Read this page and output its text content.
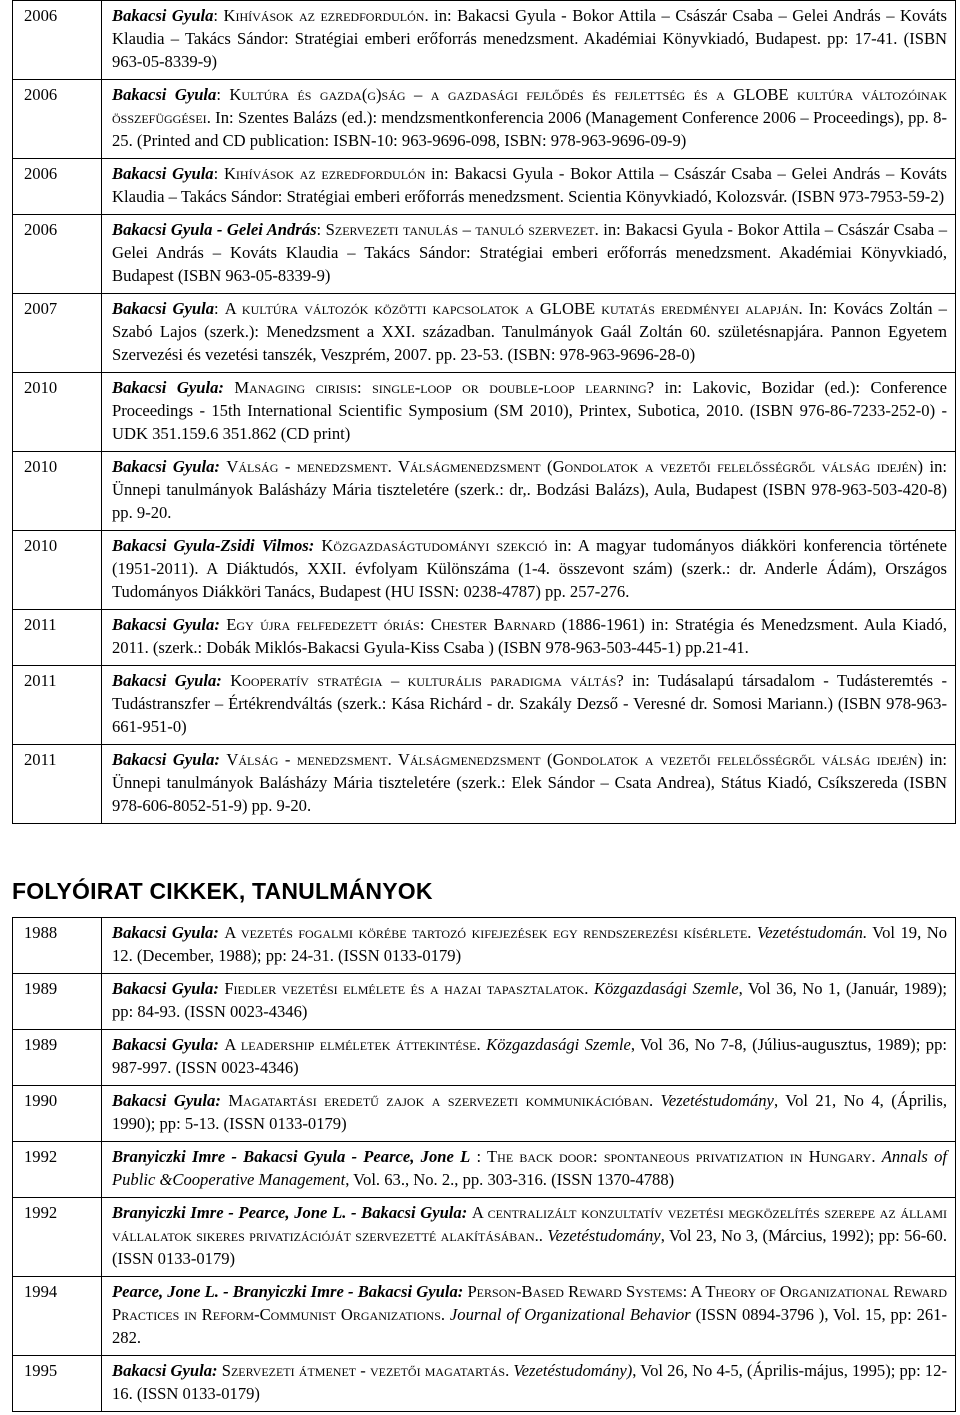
2006	Bakacsi Gyula: Kihívások az ezredfordulón. in: Bakacsi Gyula - Bokor Attila – Császár Csaba – Gelei András – Kováts Klaudia – Takács Sándor: Stratégiai emberi erőforrás menedzsment. Akadémiai Könyvkiadó, Budapest. pp: 17-41. (ISBN 963-05-8339-9)
2006	Bakacsi Gyula: Kultúra és gazda(g)ság – a gazdasági fejlődés és fejlettség és a GLOBE kultúra változóinak összefüggései. In: Szentes Balázs (ed.): mendzsmentkonferencia 2006 (Management Conference 2006 – Proceedings), pp. 8-25. (Printed and CD publication: ISBN-10: 963-9696-098, ISBN: 978-963-9696-09-9)
2006	Bakacsi Gyula: Kihívások az ezredfordulón in: Bakacsi Gyula - Bokor Attila – Császár Csaba – Gelei András – Kováts Klaudia – Takács Sándor: Stratégiai emberi erőforrás menedzsment. Scientia Könyvkiadó, Kolozsvár. (ISBN 973-7953-59-2)
2006	Bakacsi Gyula - Gelei András: Szervezeti tanulás – tanuló szervezet. in: Bakacsi Gyula - Bokor Attila – Császár Csaba – Gelei András – Kováts Klaudia – Takács Sándor: Stratégiai emberi erőforrás menedzsment. Akadémiai Könyvkiadó, Budapest (ISBN 963-05-8339-9)
2007	Bakacsi Gyula: A kultúra változók közötti kapcsolatok a GLOBE kutatás eredményei alapján. In: Kovács Zoltán – Szabó Lajos (szerk.): Menedzsment a XXI. században. Tanulmányok Gaál Zoltán 60. születésnapjára. Pannon Egyetem Szervezési és vezetési tanszék, Veszprém, 2007. pp. 23-53. (ISBN: 978-963-9696-28-0)
2010	Bakacsi Gyula: Managing cirisis: single-loop or double-loop learning? in: Lakovic, Bozidar (ed.): Conference Proceedings - 15th International Scientific Symposium (SM 2010), Printex, Subotica, 2010. (ISBN 976-86-7233-252-0) - UDK 351.159.6 351.862 (CD print)
2010	Bakacsi Gyula: Válság - menedzsment. Válságmenedzsment (Gondolatok a vezetői felelősségről válság idején) in: Ünnepi tanulmányok Balásházy Mária tiszteletére (szerk.: dr,. Bodzási Balázs), Aula, Budapest (ISBN 978-963-503-420-8) pp. 9-20.
2010	Bakacsi Gyula-Zsidi Vilmos: Közgazdaságtudományi szekció in: A magyar tudományos diákköri konferencia története (1951-2011). A Diáktudós, XXII. évfolyam Különszáma (1-4. összevont szám) (szerk.: dr. Anderle Ádám), Országos Tudományos Diákköri Tanács, Budapest (HU ISSN: 0238-4787) pp. 257-276.
2011	Bakacsi Gyula: Egy újra felfedezett óriás: Chester Barnard (1886-1961) in: Stratégia és Menedzsment. Aula Kiadó, 2011. (szerk.: Dobák Miklós-Bakacsi Gyula-Kiss Csaba ) (ISBN 978-963-503-445-1) pp.21-41.
2011	Bakacsi Gyula: Kooperatív stratégia – kulturális paradigma váltás? in: Tudásalapú társadalom - Tudásteremtés - Tudástranszfer – Értékrendváltás (szerk.: Kása Richárd - dr. Szakály Dezső - Veresné dr. Somosi Mariann.) (ISBN 978-963-661-951-0)
2011	Bakacsi Gyula: Válság - menedzsment. Válságmenedzsment (Gondolatok a vezetői felelősségről válság idején) in: Ünnepi tanulmányok Balásházy Mária tiszteletére (szerk.: Elek Sándor – Csata Andrea), Státus Kiadó, Csíkszereda (ISBN 978-606-8052-51-9) pp. 9-20.
FOLYÓIRAT CIKKEK, TANULMÁNYOK
1988	Bakacsi Gyula: A vezetés fogalmi körébe tartozó kifejezések egy rendszerezési kísérlete. Vezetéstudomán. Vol 19, No 12. (December, 1988); pp: 24-31. (ISSN 0133-0179)
1989	Bakacsi Gyula: Fiedler vezetési elmélete és a hazai tapasztalatok. Közgazdasági Szemle, Vol 36, No 1, (Január, 1989); pp: 84-93. (ISSN 0023-4346)
1989	Bakacsi Gyula: A leadership elméletek áttekintése. Közgazdasági Szemle, Vol 36, No 7-8, (Július-augusztus, 1989); pp: 987-997. (ISSN 0023-4346)
1990	Bakacsi Gyula: Magatartási eredetű zajok a szervezeti kommunikációban. Vezetéstudomány, Vol 21, No 4, (Április, 1990); pp: 5-13. (ISSN 0133-0179)
1992	Branyiczki Imre - Bakacsi Gyula - Pearce, Jone L : The back door: spontaneous privatization in Hungary. Annals of Public &Cooperative Management, Vol. 63., No. 2., pp. 303-316. (ISSN 1370-4788)
1992	Branyiczki Imre - Pearce, Jone L. - Bakacsi Gyula: A centralizált konzultatív vezetési megközelítés szerepe az állami vállalatok sikeres privatizációját szervezetté alakításában.. Vezetéstudomány, Vol 23, No 3, (Március, 1992); pp: 56-60. (ISSN 0133-0179)
1994	Pearce, Jone L. - Branyiczki Imre - Bakacsi Gyula: Person-Based Reward Systems: A Theory of Organizational Reward Practices in Reform-Communist Organizations. Journal of Organizational Behavior (ISSN 0894-3796 ), Vol. 15, pp: 261-282.
1995	Bakacsi Gyula: Szervezeti átmenet - vezetői magatartás. Vezetéstudomány), Vol 26, No 4-5, (Április-május, 1995); pp: 12-16. (ISSN 0133-0179)
